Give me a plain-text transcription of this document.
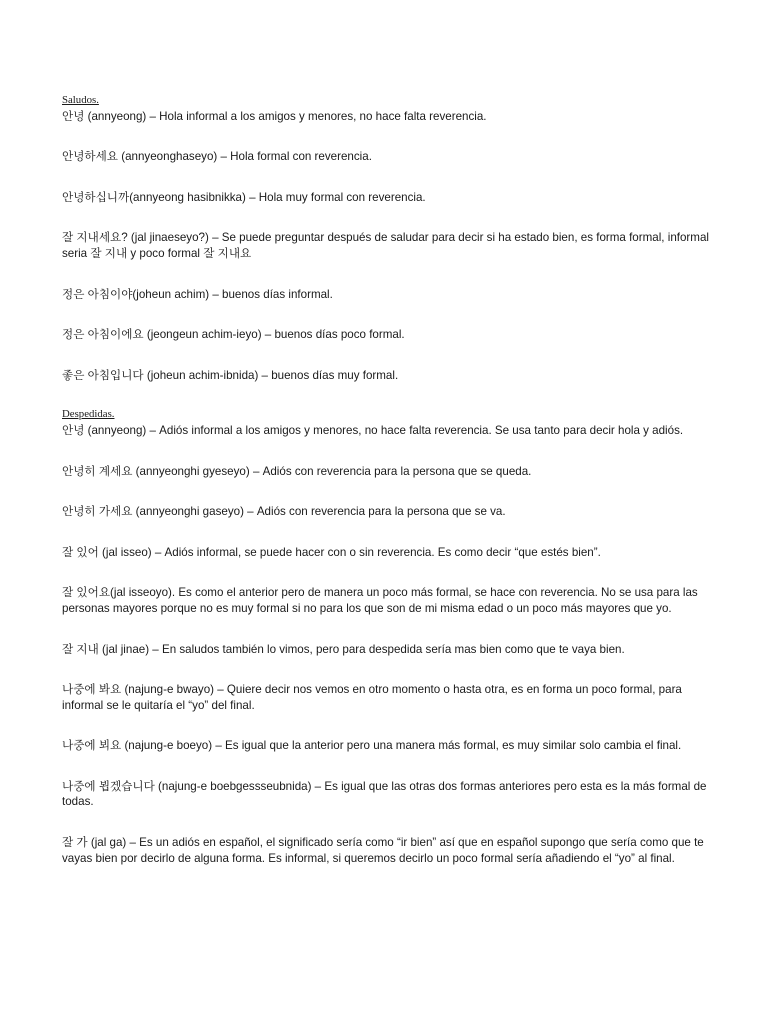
Saludos.

안녕 (annyeong) – Hola informal a los amigos y menores, no hace falta reverencia.

안녕하세요 (annyeonghaseyo) – Hola formal con reverencia.

안녕하십니까(annyeong hasibnikka) – Hola muy formal con reverencia.

잘 지내세요? (jal jinaeseyo?) – Se puede preguntar después de saludar para decir si ha estado bien, es forma formal, informal seria 잘 지내 y poco formal 잘 지내요

정은 아침이야(joheun achim) – buenos días informal.

정은 아침이에요 (jeongeun achim-ieyo) – buenos días poco formal.

좋은 아침입니다 (joheun achim-ibnida) – buenos días muy formal.

Despedidas.

안녕 (annyeong) – Adiós informal a los amigos y menores, no hace falta reverencia. Se usa tanto para decir hola y adiós.

안녕히 계세요 (annyeonghi gyeseyo) – Adiós con reverencia para la persona que se queda.

안녕히 가세요 (annyeonghi gaseyo) – Adiós con reverencia para la persona que se va.

잘 있어 (jal isseo) – Adiós informal, se puede hacer con o sin reverencia. Es como decir “que estés bien”.

잘 있어요(jal isseoyo). Es como el anterior pero de manera un poco más formal, se hace con reverencia. No se usa para las personas mayores porque no es muy formal si no para los que son de mi misma edad o un poco más mayores que yo.

잘 지내 (jal jinae) – En saludos también lo vimos, pero para despedida sería mas bien como que te vaya bien.

나중에 봐요 (najung-e bwayo) – Quiere decir nos vemos en otro momento o hasta otra, es en forma un poco formal, para informal se le quitaría el “yo” del final.

나중에 뵈요 (najung-e boeyo) – Es igual que la anterior pero una manera más formal, es muy similar solo cambia el final.

나중에 뵙겠습니다 (najung-e boebgessseubnida) – Es igual que las otras dos formas anteriores pero esta es la más formal de todas.

잘 가 (jal ga) – Es un adiós en español, el significado sería como “ir bien” así que en español supongo que sería como que te vayas bien por decirlo de alguna forma. Es informal, si queremos decirlo un poco formal sería añadiendo el “yo” al final.
